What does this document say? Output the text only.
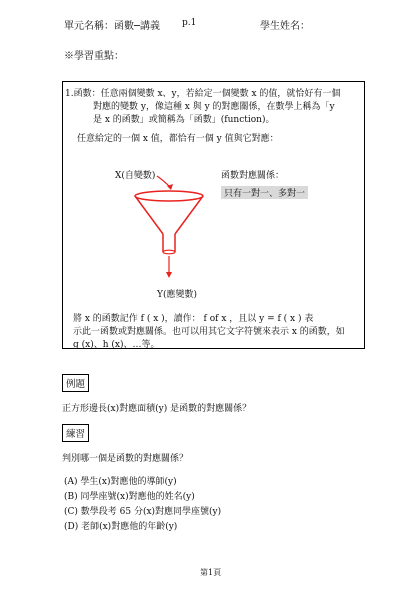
單元名稱：函數─講義 p.1	學生姓名：
※學習重點：
1.函數：任意兩個變數 x、y，若給定一個變數 x 的值，就恰好有一個
對應的變數 y，像這種 x 與 y 的對應關係，在數學上稱為「y
是 x 的函數」或簡稱為「函數」(function)。
任意給定的一個 x 值，都恰有一個 y 值與它對應：
X(自變數)	函數對應關係：
只有一對一、多對一
Y(應變數)
將 x 的函數記作 f ( x )，讀作： f of x ，且以 y = f ( x ) 表
示此一函數或對應關係。也可以用其它文字符號來表示 x 的函數，如
g (x)、h (x)、…等。
例題
正方形邊長(x)對應面積(y) 是函數的對應關係？
練習
判別哪一個是函數的對應關係？
(A) 學生(x)對應他的導師(y)
(B) 同學座號(x)對應他的姓名(y)
(C) 數學段考 65 分(x)對應同學座號(y)
(D) 老師(x)對應他的年齡(y)
第1頁
